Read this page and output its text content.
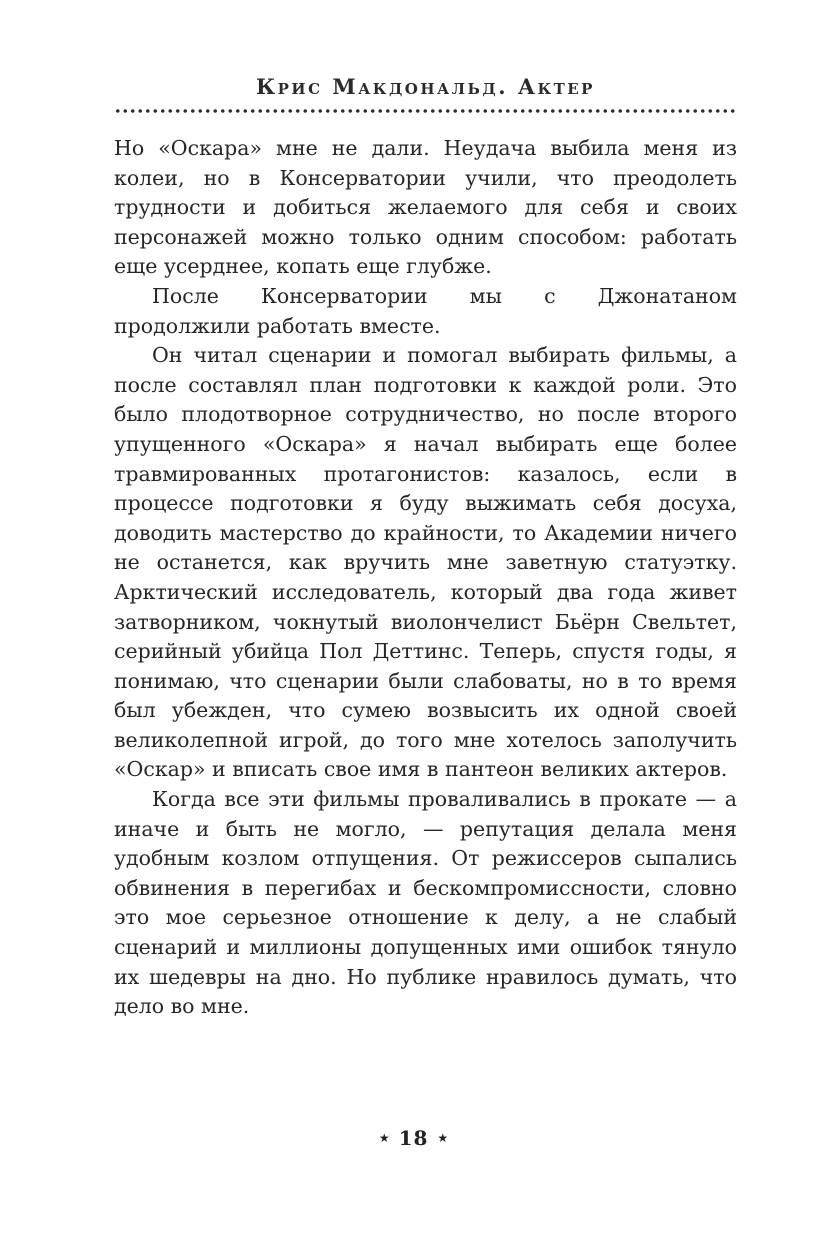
Крис Макдональд. Актер

Но «Оскара» мне не дали. Неудача выбила меня из колеи, но в Консерватории учили, что преодолеть трудности и добиться желаемого для себя и своих персонажей можно только одним способом: работать еще усерднее, копать еще глубже.

После Консерватории мы с Джонатаном продолжили работать вместе.

Он читал сценарии и помогал выбирать фильмы, а после составлял план подготовки к каждой роли. Это было плодотворное сотрудничество, но после второго упущенного «Оскара» я начал выбирать еще более травмированных протагонистов: казалось, если в процессе подготовки я буду выжимать себя досуха, доводить мастерство до крайности, то Академии ничего не останется, как вручить мне заветную статуэтку. Арктический исследователь, который два года живет затворником, чокнутый виолончелист Бьёрн Свельтет, серийный убийца Пол Деттинс. Теперь, спустя годы, я понимаю, что сценарии были слабоваты, но в то время был убежден, что сумею возвысить их одной своей великолепной игрой, до того мне хотелось заполучить «Оскар» и вписать свое имя в пантеон великих актеров.

Когда все эти фильмы проваливались в прокате — а иначе и быть не могло, — репутация делала меня удобным козлом отпущения. От режиссеров сыпались обвинения в перегибах и бескомпромиссности, словно это мое серьезное отношение к делу, а не слабый сценарий и миллионы допущенных ими ошибок тянуло их шедевры на дно. Но публике нравилось думать, что дело во мне.

★ 18 ★
